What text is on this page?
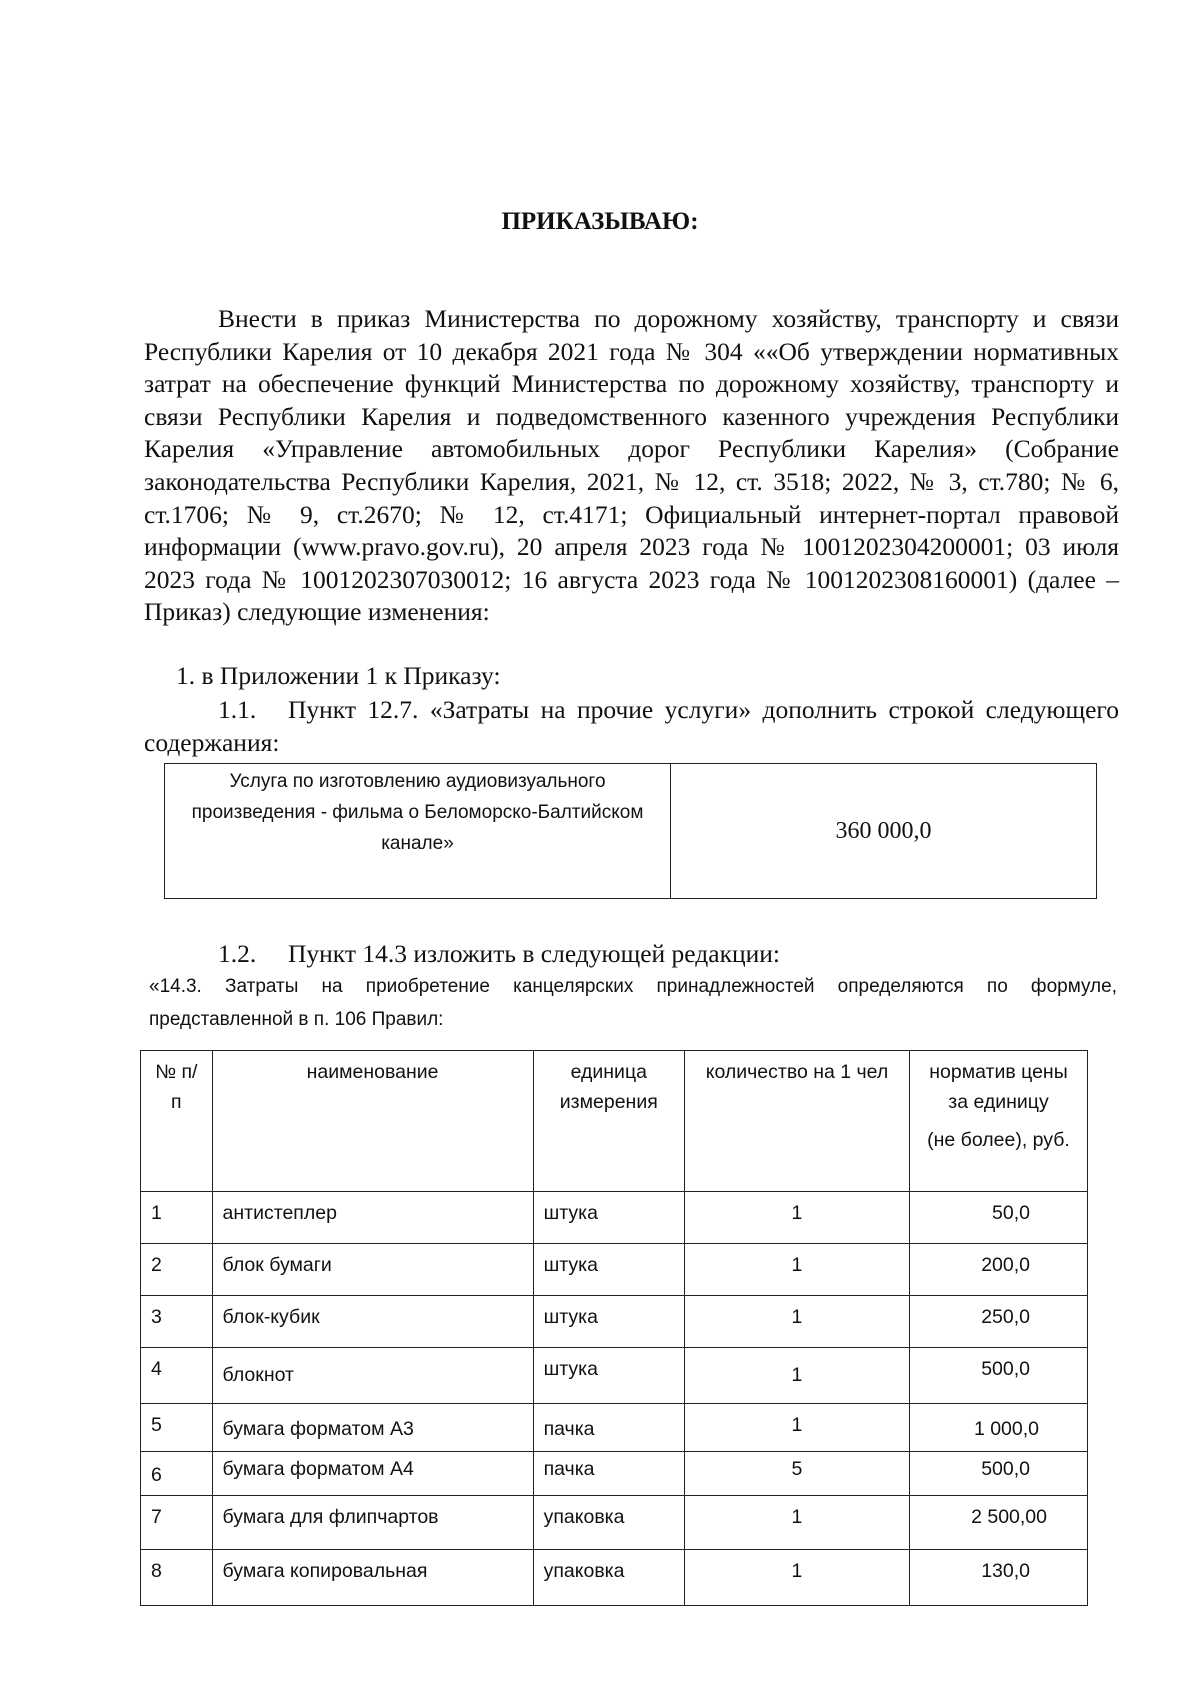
ПРИКАЗЫВАЮ:

Внести в приказ Министерства по дорожному хозяйству, транспорту и связи Республики Карелия от 10 декабря 2021 года № 304 ««Об утверждении нормативных затрат на обеспечение функций Министерства по дорожному хозяйству, транспорту и связи Республики Карелия и подведомственного казенного учреждения Республики Карелия «Управление автомобильных дорог Республики Карелия» (Собрание законодательства Республики Карелия, 2021, № 12, ст. 3518; 2022, № 3, ст.780; № 6, ст.1706; № 9, ст.2670; № 12, ст.4171; Официальный интернет-портал правовой информации (www.pravo.gov.ru), 20 апреля 2023 года № 1001202304200001; 03 июля 2023 года № 1001202307030012; 16 августа 2023 года № 1001202308160001) (далее – Приказ) следующие изменения:

1. в Приложении 1 к Приказу:
1.1. Пункт 12.7. «Затраты на прочие услуги» дополнить строкой следующего
содержания:
Услуга по изготовлению аудиовизуального произведения - фильма о Беломорско-Балтийском канале»	360 000,0
1.2. Пункт 14.3 изложить в следующей редакции:
«14.3. Затраты на приобретение канцелярских принадлежностей определяются по формуле, представленной в п. 106 Правил:
№ п/п	наименование	единица измерения	количество на 1 чел	норматив цены за единицу
(не более), руб.

1	антистеплер	штука	1	50,0
2	блок бумаги	штука	1	200,0
3	блок-кубик	штука	1	250,0
4	блокнот	штука	1	500,0
5	бумага форматом А3	пачка	1	1 000,0
6	бумага форматом А4	пачка	5	500,0
7	бумага для флипчартов	упаковка	1	2 500,00
8	бумага копировальная	упаковка	1	130,0
